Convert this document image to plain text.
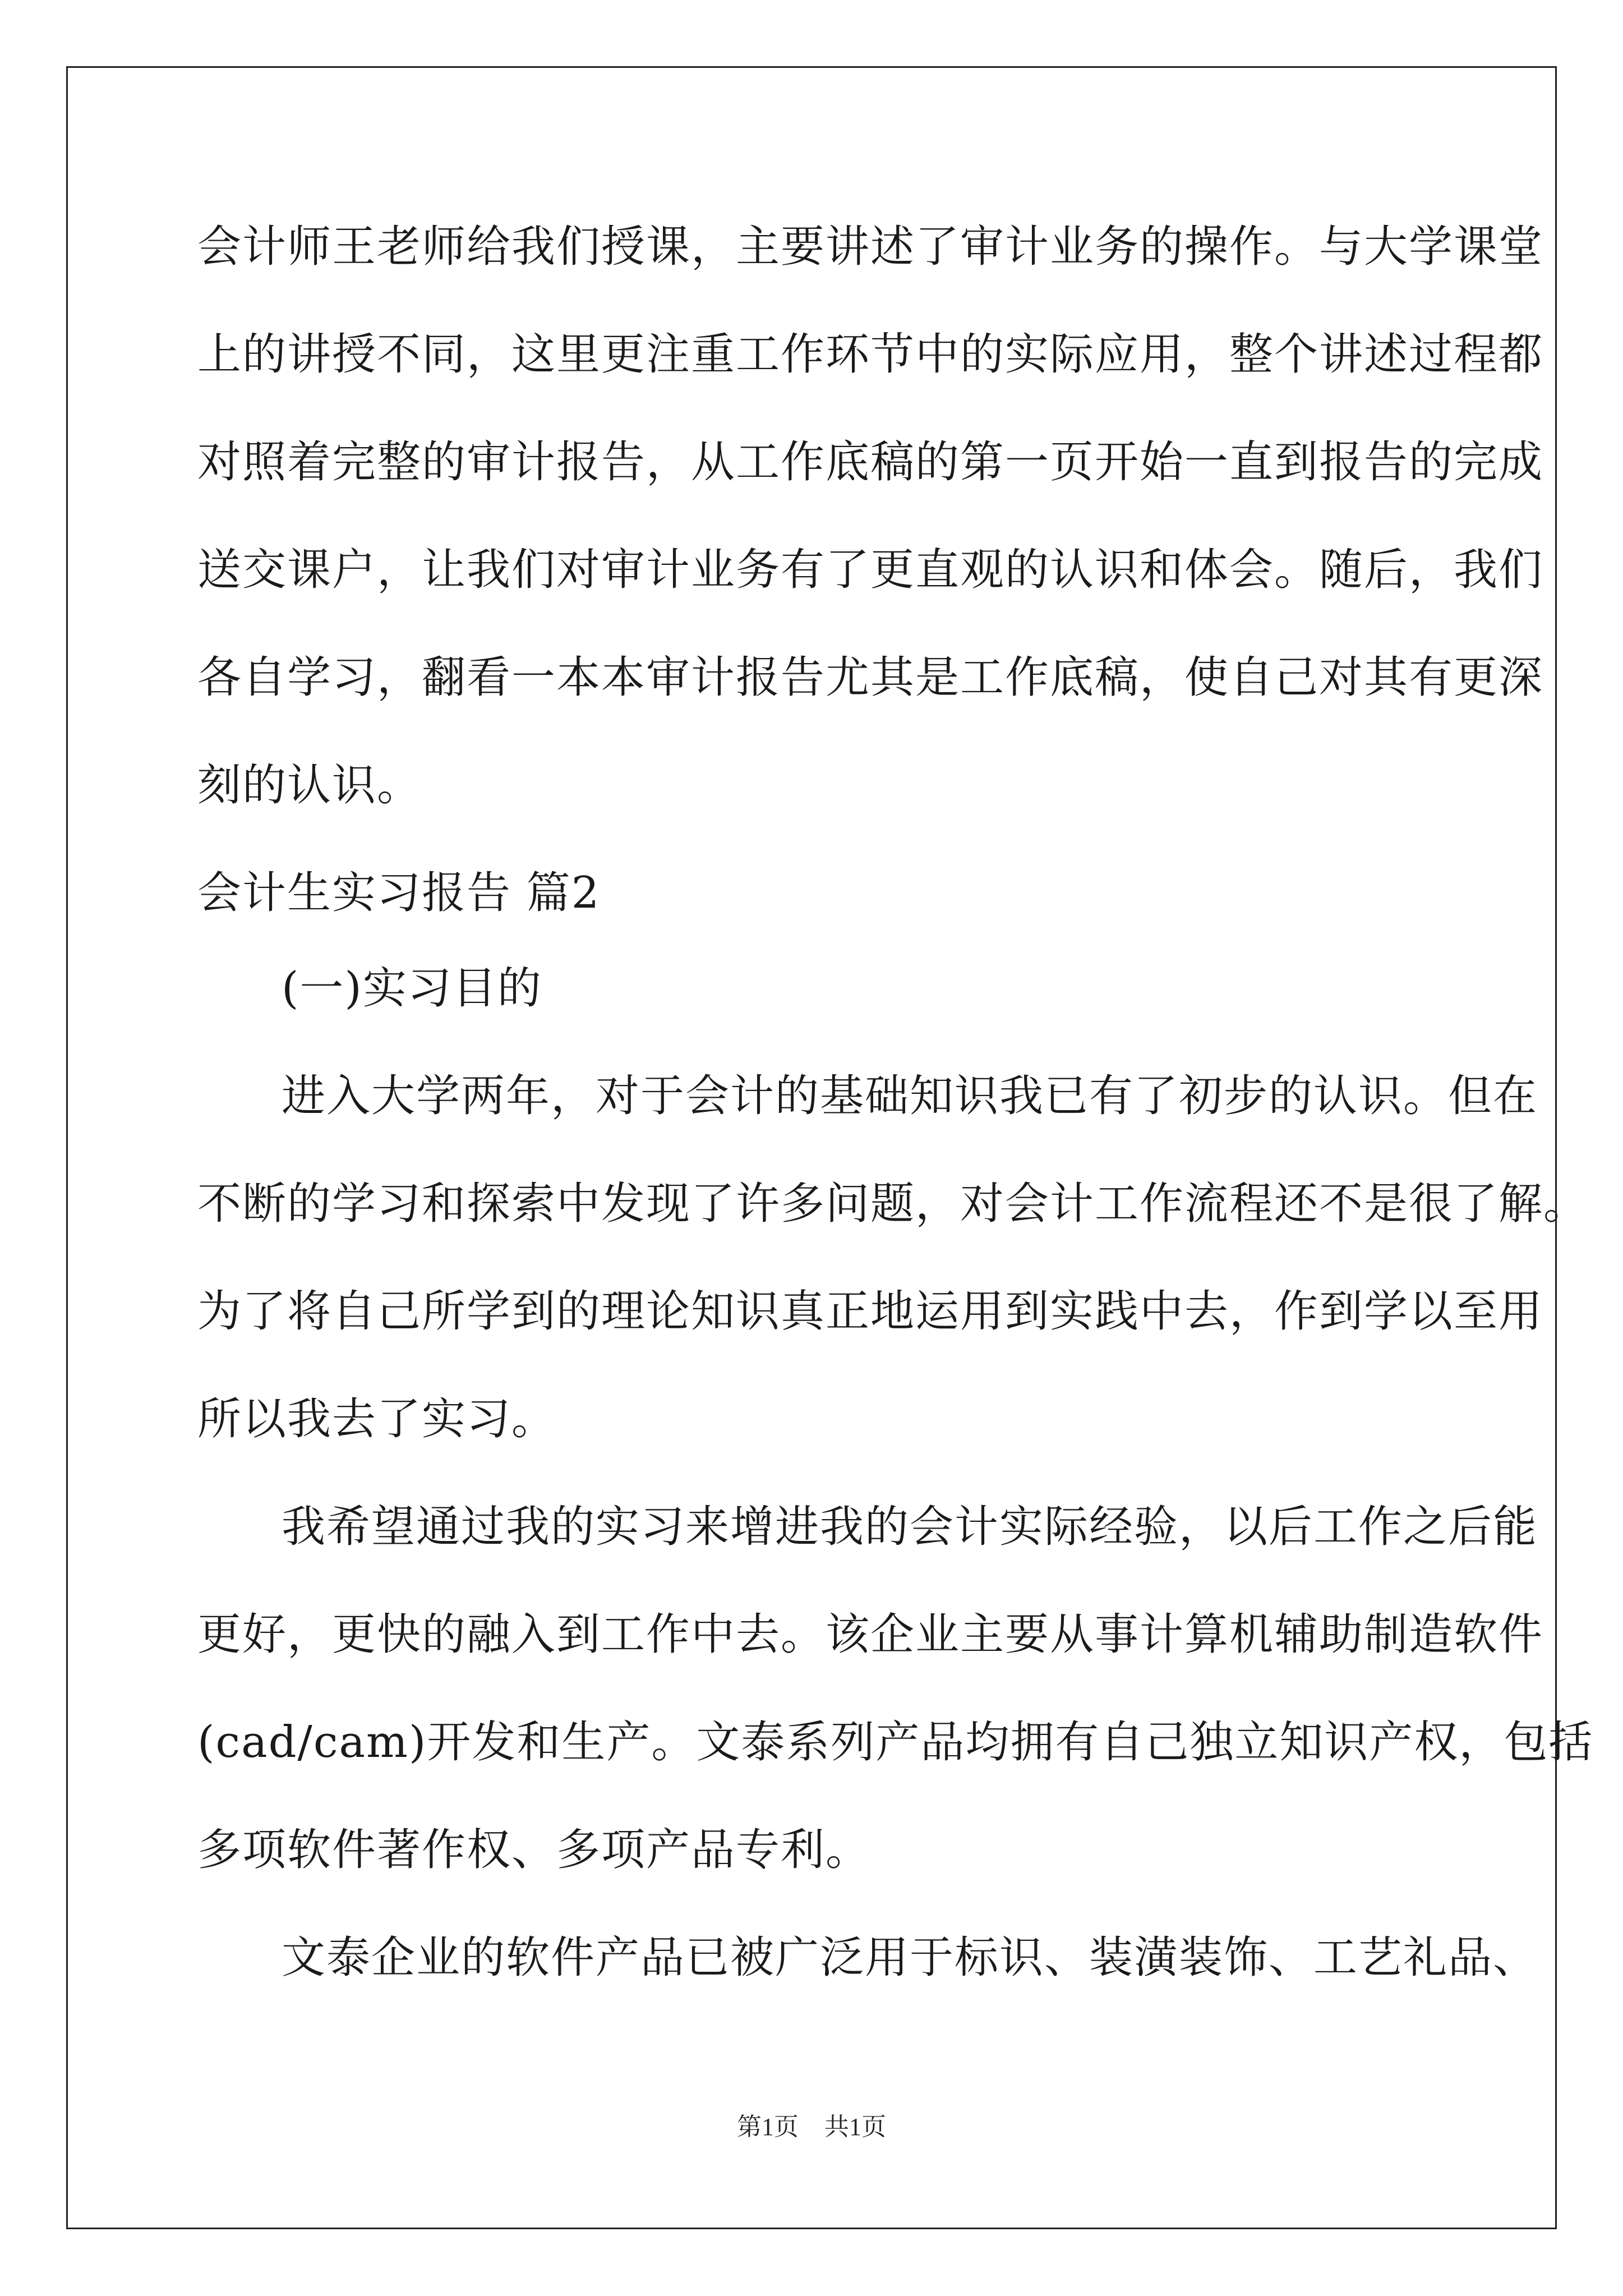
会计师王老师给我们授课，主要讲述了审计业务的操作。与大学课堂
上的讲授不同，这里更注重工作环节中的实际应用，整个讲述过程都
对照着完整的审计报告，从工作底稿的第一页开始一直到报告的完成
送交课户，让我们对审计业务有了更直观的认识和体会。随后，我们
各自学习，翻看一本本审计报告尤其是工作底稿，使自己对其有更深
刻的认识。
会计生实习报告 篇2
(一)实习目的
进入大学两年，对于会计的基础知识我已有了初步的认识。但在
不断的学习和探索中发现了许多问题，对会计工作流程还不是很了解。
为了将自己所学到的理论知识真正地运用到实践中去，作到学以至用
所以我去了实习。
我希望通过我的实习来增进我的会计实际经验，以后工作之后能
更好，更快的融入到工作中去。该企业主要从事计算机辅助制造软件
(cad/cam)开发和生产。文泰系列产品均拥有自己独立知识产权，包括
多项软件著作权、多项产品专利。
文泰企业的软件产品已被广泛用于标识、装潢装饰、工艺礼品、
第1页 共1页
